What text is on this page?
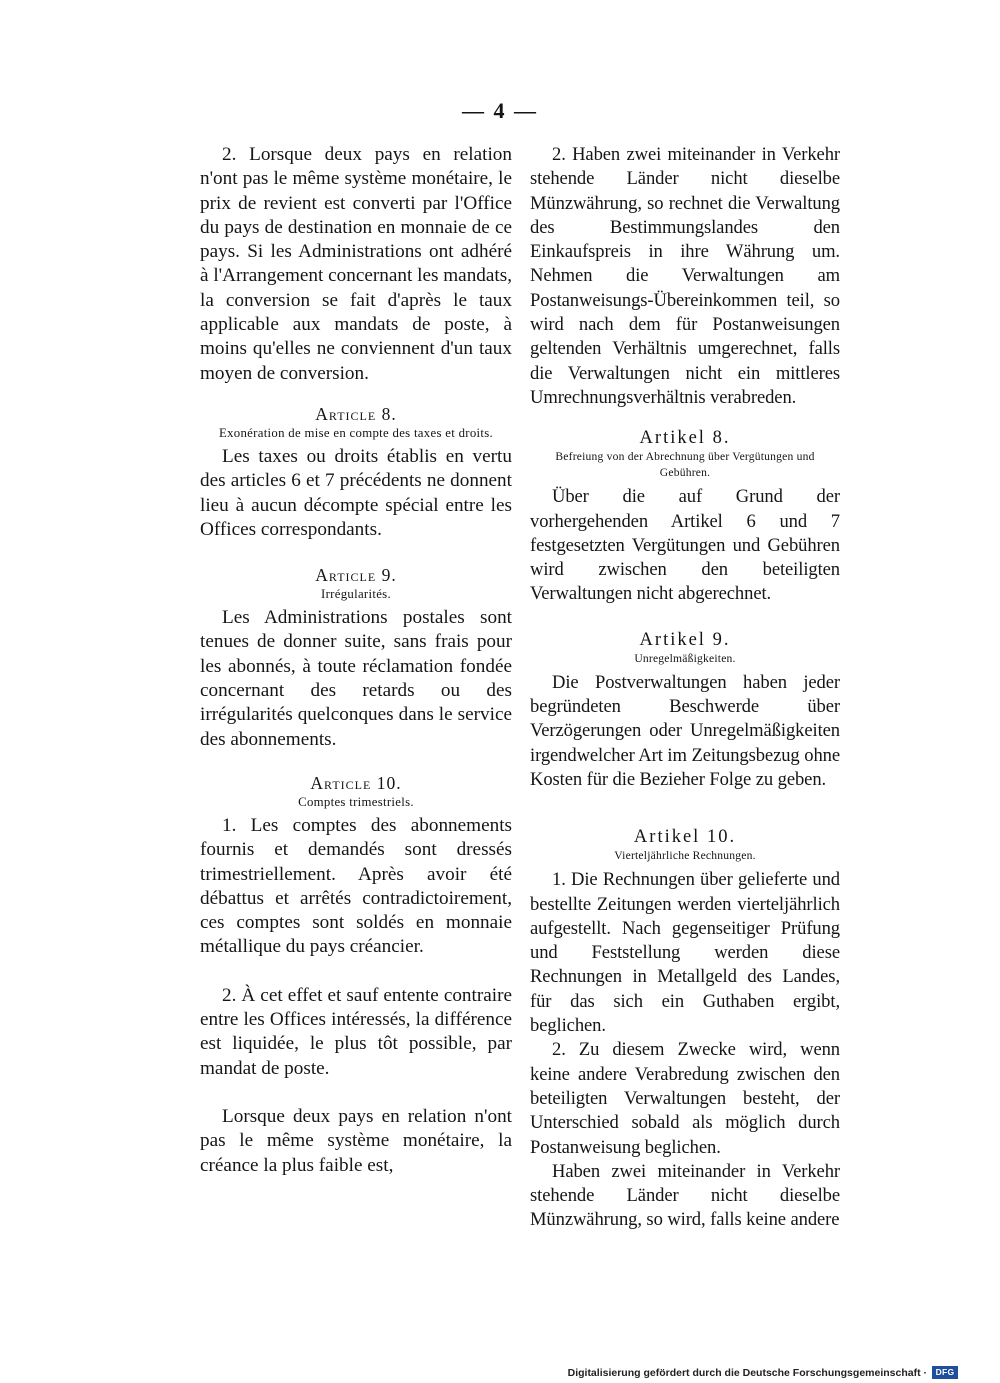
— 4 —

2. Lorsque deux pays en relation n'ont pas le même système monétaire, le prix de revient est converti par l'Office du pays de destination en monnaie de ce pays. Si les Administrations ont adhéré à l'Arrangement concernant les mandats, la conversion se fait d'après le taux applicable aux mandats de poste, à moins qu'elles ne conviennent d'un taux moyen de conversion.

Article 8.

Exonération de mise en compte des taxes et droits.

Les taxes ou droits établis en vertu des articles 6 et 7 précédents ne donnent lieu à aucun décompte spécial entre les Offices correspondants.

Article 9.

Irrégularités.

Les Administrations postales sont tenues de donner suite, sans frais pour les abonnés, à toute réclamation fondée concernant des retards ou des irrégularités quelconques dans le service des abonnements.

Article 10.

Comptes trimestriels.

1. Les comptes des abonnements fournis et demandés sont dressés trimestriellement. Après avoir été débattus et arrêtés contradictoirement, ces comptes sont soldés en monnaie métallique du pays créancier.

2. À cet effet et sauf entente contraire entre les Offices intéressés, la différence est liquidée, le plus tôt possible, par mandat de poste.

Lorsque deux pays en relation n'ont pas le même système monétaire, la créance la plus faible est,

2. Haben zwei miteinander in Verkehr stehende Länder nicht dieselbe Münzwährung, so rechnet die Verwaltung des Bestimmungslandes den Einkaufspreis in ihre Währung um. Nehmen die Verwaltungen am Postanweisungs-Übereinkommen teil, so wird nach dem für Postanweisungen geltenden Verhältnis umgerechnet, falls die Verwaltungen nicht ein mittleres Umrechnungsverhältnis verabreden.

Artikel 8.

Befreiung von der Abrechnung über Vergütungen und Gebühren.

Über die auf Grund der vorhergehenden Artikel 6 und 7 festgesetzten Vergütungen und Gebühren wird zwischen den beteiligten Verwaltungen nicht abgerechnet.

Artikel 9.

Unregelmäßigkeiten.

Die Postverwaltungen haben jeder begründeten Beschwerde über Verzögerungen oder Unregelmäßigkeiten irgendwelcher Art im Zeitungsbezug ohne Kosten für die Bezieher Folge zu geben.

Artikel 10.

Vierteljährliche Rechnungen.

1. Die Rechnungen über gelieferte und bestellte Zeitungen werden vierteljährlich aufgestellt. Nach gegenseitiger Prüfung und Feststellung werden diese Rechnungen in Metallgeld des Landes, für das sich ein Guthaben ergibt, beglichen.

2. Zu diesem Zwecke wird, wenn keine andere Verabredung zwischen den beteiligten Verwaltungen besteht, der Unterschied sobald als möglich durch Postanweisung beglichen.

Haben zwei miteinander in Verkehr stehende Länder nicht dieselbe Münzwährung, so wird, falls keine andere

Digitalisierung gefördert durch die Deutsche Forschungsgemeinschaft ·	DFG
